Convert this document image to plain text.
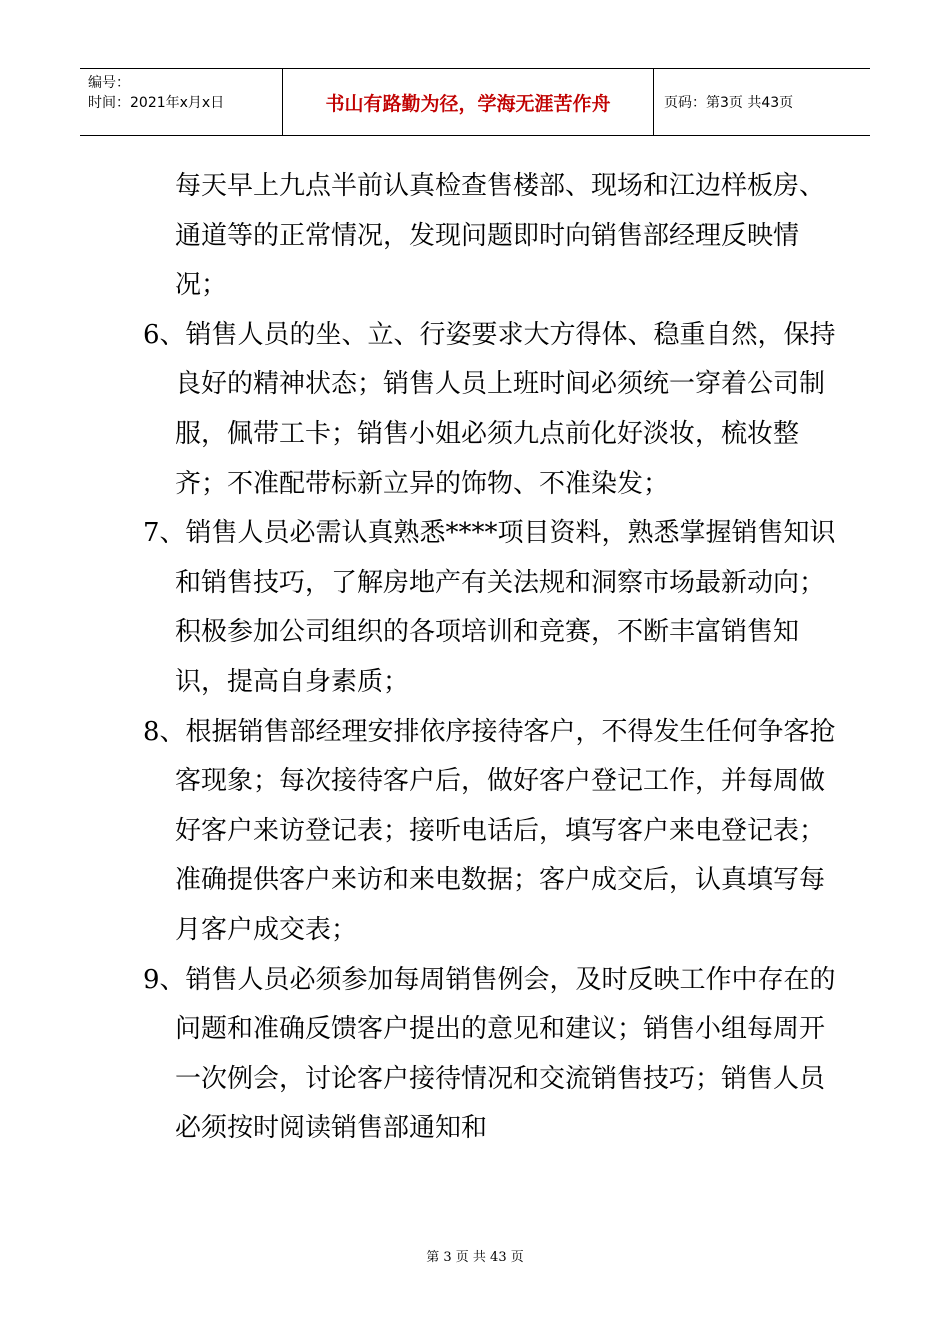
编号：
时间：2021年x月x日	书山有路勤为径，学海无涯苦作舟	页码：第3页 共43页

每天早上九点半前认真检查售楼部、现场和江边样板房、通道等的正常情况，发现问题即时向销售部经理反映情况；

6、销售人员的坐、立、行姿要求大方得体、稳重自然，保持良好的精神状态；销售人员上班时间必须统一穿着公司制服，佩带工卡；销售小姐必须九点前化好淡妆，梳妆整齐；不准配带标新立异的饰物、不准染发；

7、销售人员必需认真熟悉****项目资料，熟悉掌握销售知识和销售技巧，了解房地产有关法规和洞察市场最新动向；积极参加公司组织的各项培训和竞赛，不断丰富销售知识，提高自身素质；

8、根据销售部经理安排依序接待客户，不得发生任何争客抢客现象；每次接待客户后，做好客户登记工作，并每周做好客户来访登记表；接听电话后，填写客户来电登记表；准确提供客户来访和来电数据；客户成交后，认真填写每月客户成交表；

9、销售人员必须参加每周销售例会，及时反映工作中存在的问题和准确反馈客户提出的意见和建议；销售小组每周开一次例会，讨论客户接待情况和交流销售技巧；销售人员必须按时阅读销售部通知和

第 3 页 共 43 页
